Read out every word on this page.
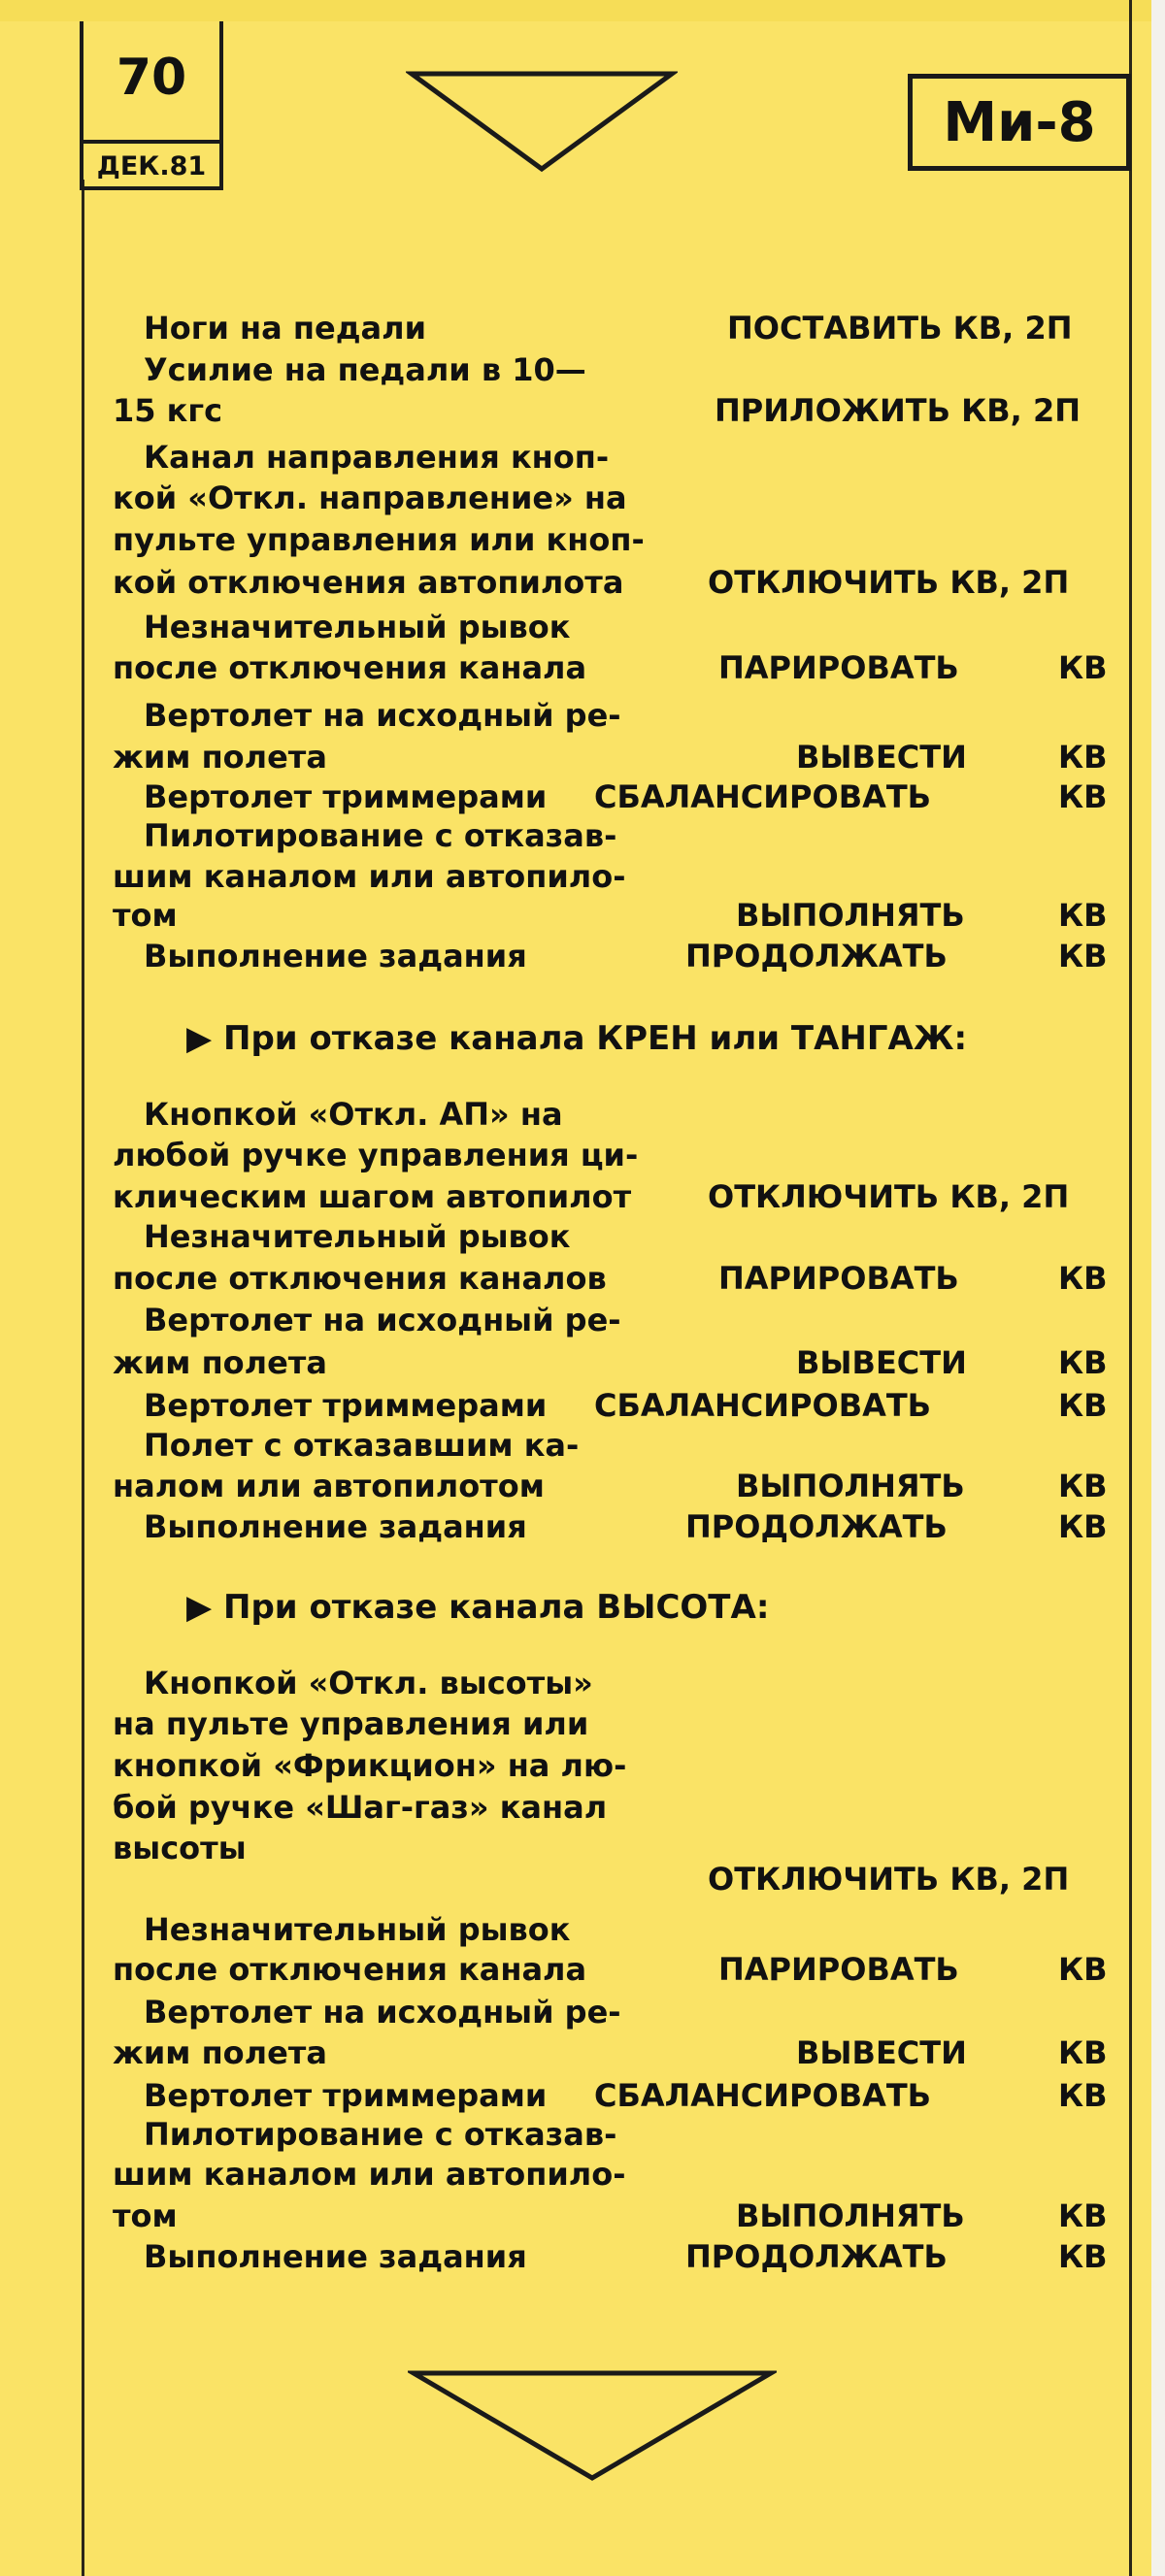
70
ДЕК.81
Ми-8
Ноги на педали	ПОСТАВИТЬ КВ, 2П
Усилие на педали в 10—
15 кгс	ПРИЛОЖИТЬ КВ, 2П
Канал направления кноп-
кой «Откл. направление» на
пульте управления или кноп-
кой отключения автопилота	ОТКЛЮЧИТЬ КВ, 2П
Незначительный рывок
после отключения канала	ПАРИРОВАТЬ	КВ
Вертолет на исходный ре-
жим полета	ВЫВЕСТИ	КВ
Вертолет триммерами СБАЛАНСИРОВАТЬ	КВ
Пилотирование с отказав-
шим каналом или автопило-
том	ВЫПОЛНЯТЬ	КВ
Выполнение задания	ПРОДОЛЖАТЬ	КВ
▶ При отказе канала КРЕН или ТАНГАЖ:
Кнопкой «Откл. АП» на
любой ручке управления ци-
клическим шагом автопилот ОТКЛЮЧИТЬ КВ, 2П
Незначительный рывок
после отключения каналов	ПАРИРОВАТЬ	КВ
Вертолет на исходный ре-
жим полета	ВЫВЕСТИ	КВ
Вертолет триммерами СБАЛАНСИРОВАТЬ	КВ
Полет с отказавшим ка-
налом или автопилотом	ВЫПОЛНЯТЬ	КВ
Выполнение задания	ПРОДОЛЖАТЬ	КВ
▶ При отказе канала ВЫСОТА:
Кнопкой «Откл. высоты»
на пульте управления или
кнопкой «Фрикцион» на лю-
бой ручке «Шаг-газ» канал
высоты
ОТКЛЮЧИТЬ КВ, 2П
Незначительный рывок
после отключения канала	ПАРИРОВАТЬ	КВ
Вертолет на исходный ре-
жим полета	ВЫВЕСТИ	КВ
Вертолет триммерами СБАЛАНСИРОВАТЬ	КВ
Пилотирование с отказав-
шим каналом или автопило-
том	ВЫПОЛНЯТЬ	КВ
Выполнение задания	ПРОДОЛЖАТЬ	КВ
